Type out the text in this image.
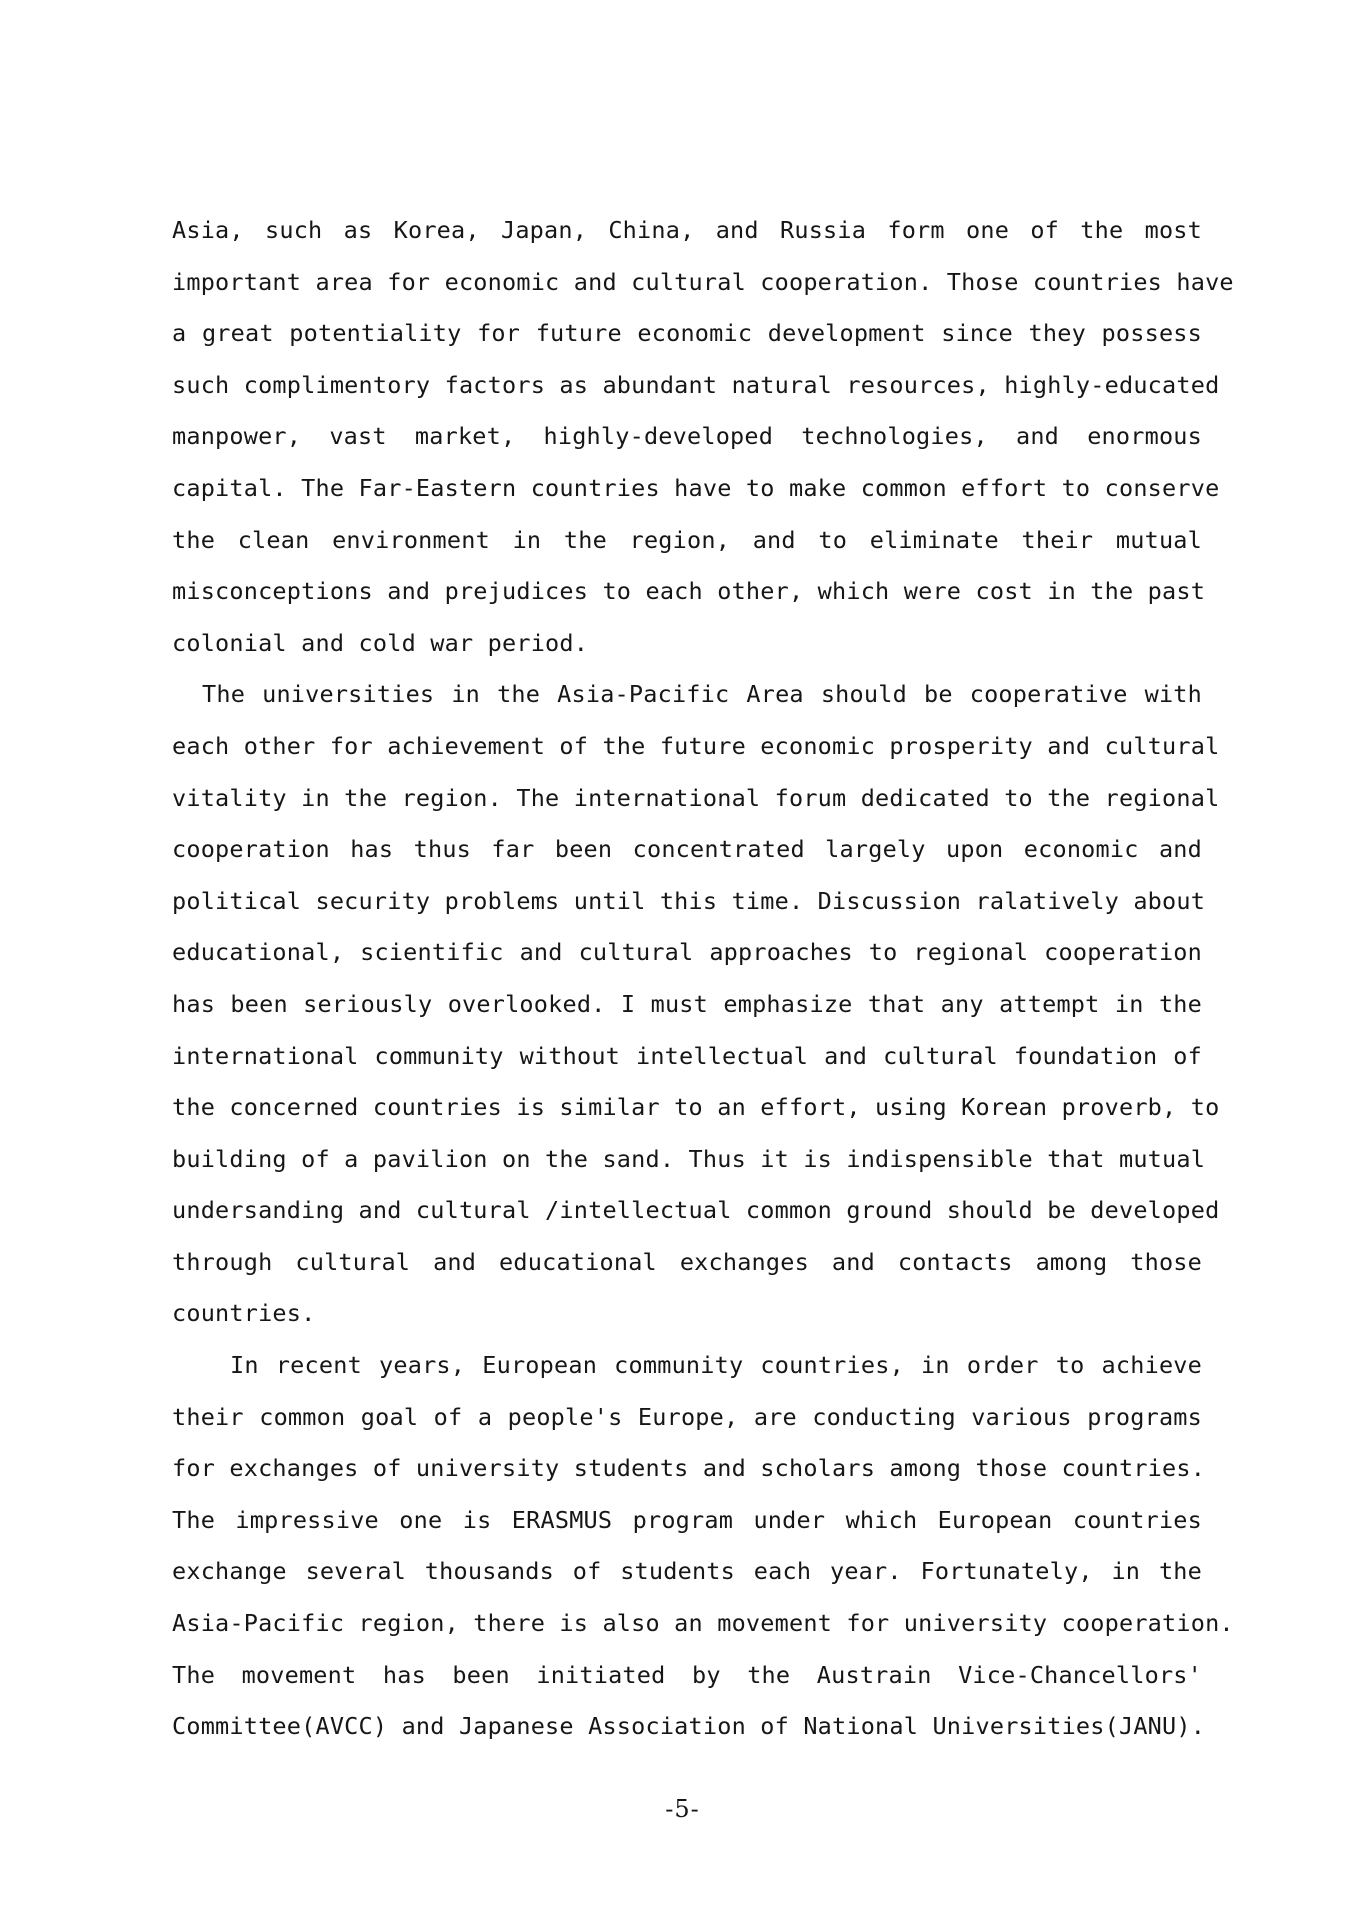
Asia, such as Korea, Japan, China, and Russia form one of the most
important area for economic and cultural cooperation. Those countries have
a great potentiality for future economic development since they possess
such complimentory factors as abundant natural resources, highly-educated
manpower, vast market, highly-developed technologies, and enormous
capital. The Far-Eastern countries have to make common effort to conserve
the clean environment in the region, and to eliminate their mutual
misconceptions and prejudices to each other, which were cost in the past
colonial and cold war period.
The universities in the Asia-Pacific Area should be cooperative with
each other for achievement of the future economic prosperity and cultural
vitality in the region. The international forum dedicated to the regional
cooperation has thus far been concentrated largely upon economic and
political security problems until this time. Discussion ralatively about
educational, scientific and cultural approaches to regional cooperation
has been seriously overlooked. I must emphasize that any attempt in the
international community without intellectual and cultural foundation of
the concerned countries is similar to an effort, using Korean proverb, to
building of a pavilion on the sand. Thus it is indispensible that mutual
undersanding and cultural /intellectual common ground should be developed
through cultural and educational exchanges and contacts among those
countries.
In recent years, European community countries, in order to achieve
their common goal of a people's Europe, are conducting various programs
for exchanges of university students and scholars among those countries.
The impressive one is ERASMUS program under which European countries
exchange several thousands of students each year. Fortunately, in the
Asia-Pacific region, there is also an movement for university cooperation.
The movement has been initiated by the Austrain Vice-Chancellors'
Committee(AVCC) and Japanese Association of National Universities(JANU).
-5-
